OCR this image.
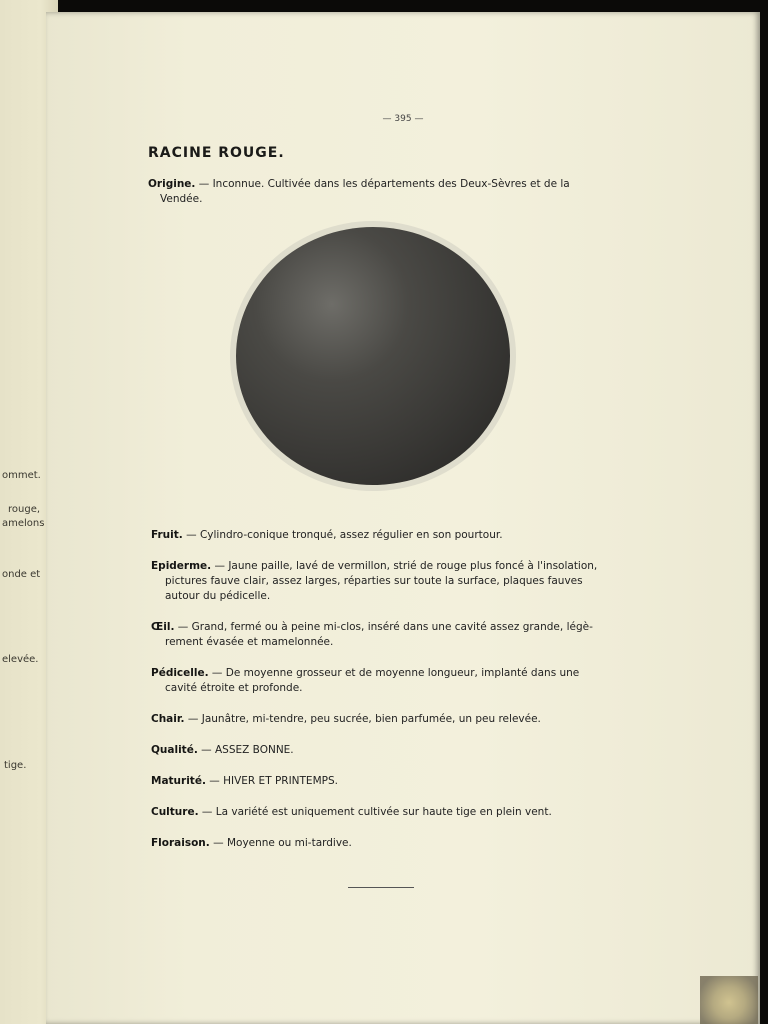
ommet.
rouge,
amelons
onde et
elevée.
tige.
— 395 —
RACINE ROUGE.
Origine. — Inconnue. Cultivée dans les départements des Deux-Sèvres et de la
Vendée.
Fruit. — Cylindro-conique tronqué, assez régulier en son pourtour.
Epiderme. — Jaune paille, lavé de vermillon, strié de rouge plus foncé à l'insolation,
pictures fauve clair, assez larges, réparties sur toute la surface, plaques fauves
autour du pédicelle.
Œil. — Grand, fermé ou à peine mi-clos, inséré dans une cavité assez grande, légè-
rement évasée et mamelonnée.
Pédicelle. — De moyenne grosseur et de moyenne longueur, implanté dans une
cavité étroite et profonde.
Chair. — Jaunâtre, mi-tendre, peu sucrée, bien parfumée, un peu relevée.
Qualité. — ASSEZ BONNE.
Maturité. — HIVER ET PRINTEMPS.
Culture. — La variété est uniquement cultivée sur haute tige en plein vent.
Floraison. — Moyenne ou mi-tardive.
